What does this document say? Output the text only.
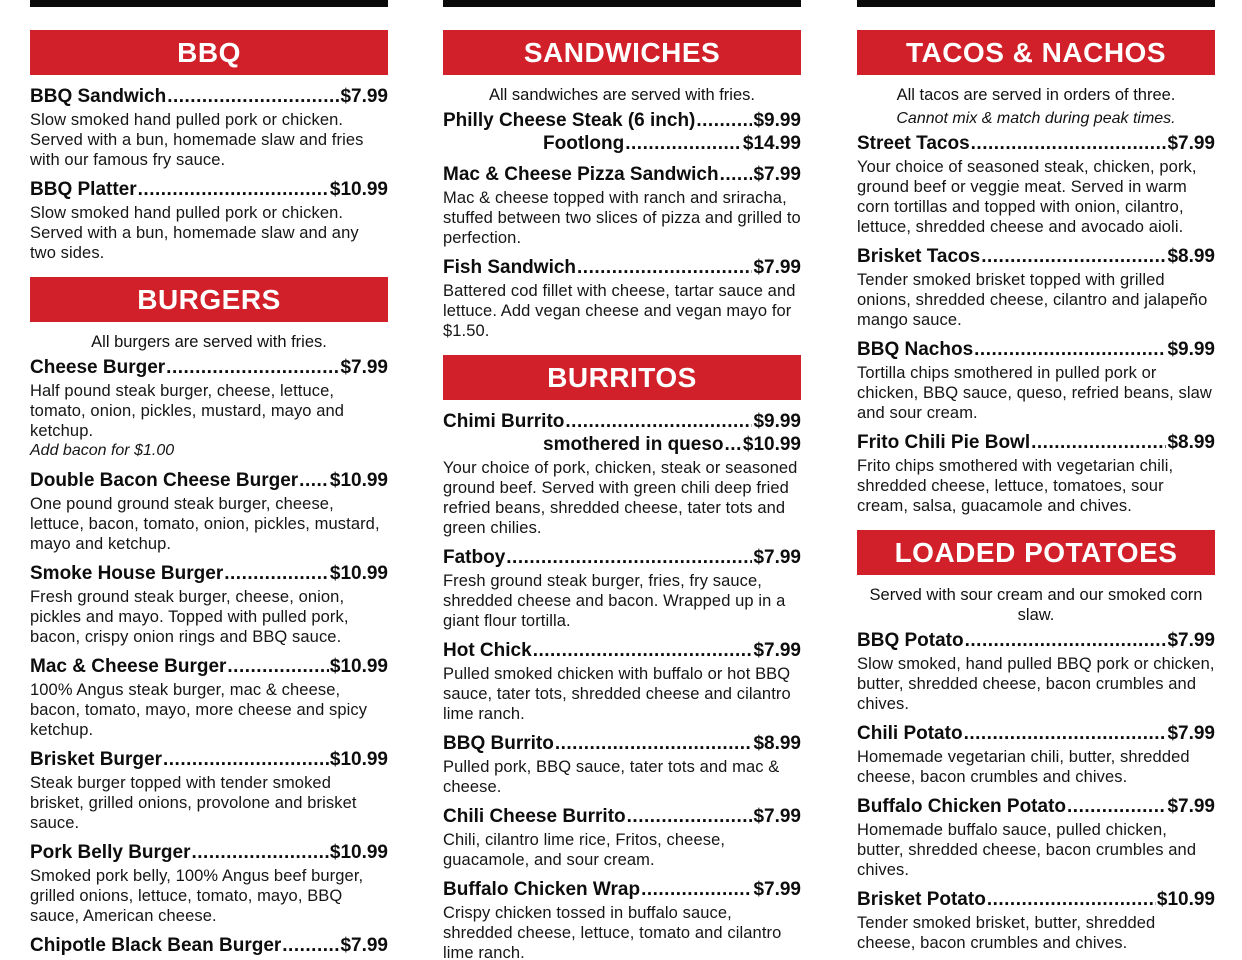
BBQ
BBQ Sandwich .....	$7.99
Slow smoked hand pulled pork or chicken. Served with a bun, homemade slaw and fries with our famous fry sauce.
BBQ Platter .....	$10.99
Slow smoked hand pulled pork or chicken. Served with a bun, homemade slaw and any two sides.
BURGERS
All burgers are served with fries.
Cheese Burger .....	$7.99
Half pound steak burger, cheese, lettuce, tomato, onion, pickles, mustard, mayo and ketchup.
Add bacon for $1.00
Double Bacon Cheese Burger ..... $10.99
One pound ground steak burger, cheese, lettuce, bacon, tomato, onion, pickles, mustard, mayo and ketchup.
Smoke House Burger .....	$10.99
Fresh ground steak burger, cheese, onion, pickles and mayo. Topped with pulled pork, bacon, crispy onion rings and BBQ sauce.
Mac & Cheese Burger .....	$10.99
100% Angus steak burger, mac & cheese, bacon, tomato, mayo, more cheese and spicy ketchup.
Brisket Burger .....	$10.99
Steak burger topped with tender smoked brisket, grilled onions, provolone and brisket sauce.
Pork Belly Burger .....	$10.99
Smoked pork belly, 100% Angus beef burger, grilled onions, lettuce, tomato, mayo, BBQ sauce, American cheese.
Chipotle Black Bean Burger .....	$7.99
SANDWICHES
All sandwiches are served with fries.
Philly Cheese Steak (6 inch) .....	$9.99
Footlong .....	$14.99
Mac & Cheese Pizza Sandwich ..... $7.99
Mac & cheese topped with ranch and sriracha, stuffed between two slices of pizza and grilled to perfection.
Fish Sandwich .....	$7.99
Battered cod fillet with cheese, tartar sauce and lettuce. Add vegan cheese and vegan mayo for $1.50.
BURRITOS
Chimi Burrito .....	$9.99
smothered in queso ..... $10.99
Your choice of pork, chicken, steak or seasoned ground beef. Served with green chili deep fried refried beans, shredded cheese, tater tots and green chilies.
Fatboy .....	$7.99
Fresh ground steak burger, fries, fry sauce, shredded cheese and bacon. Wrapped up in a giant flour tortilla.
Hot Chick .....	$7.99
Pulled smoked chicken with buffalo or hot BBQ sauce, tater tots, shredded cheese and cilantro lime ranch.
BBQ Burrito .....	$8.99
Pulled pork, BBQ sauce, tater tots and mac & cheese.
Chili Cheese Burrito .....	$7.99
Chili, cilantro lime rice, Fritos, cheese, guacamole, and sour cream.
Buffalo Chicken Wrap .....	$7.99
Crispy chicken tossed in buffalo sauce, shredded cheese, lettuce, tomato and cilantro lime ranch.
TACOS & NACHOS
All tacos are served in orders of three.
Cannot mix & match during peak times.
Street Tacos .....	$7.99
Your choice of seasoned steak, chicken, pork, ground beef or veggie meat. Served in warm corn tortillas and topped with onion, cilantro, lettuce, shredded cheese and avocado aioli.
Brisket Tacos .....	$8.99
Tender smoked brisket topped with grilled onions, shredded cheese, cilantro and jalapeño mango sauce.
BBQ Nachos .....	$9.99
Tortilla chips smothered in pulled pork or chicken, BBQ sauce, queso, refried beans, slaw and sour cream.
Frito Chili Pie Bowl .....	$8.99
Frito chips smothered with vegetarian chili, shredded cheese, lettuce, tomatoes, sour cream, salsa, guacamole and chives.
LOADED POTATOES
Served with sour cream and our smoked corn slaw.
BBQ Potato .....	$7.99
Slow smoked, hand pulled BBQ pork or chicken, butter, shredded cheese, bacon crumbles and chives.
Chili Potato .....	$7.99
Homemade vegetarian chili, butter, shredded cheese, bacon crumbles and chives.
Buffalo Chicken Potato .....	$7.99
Homemade buffalo sauce, pulled chicken, butter, shredded cheese, bacon crumbles and chives.
Brisket Potato .....	$10.99
Tender smoked brisket, butter, shredded cheese, bacon crumbles and chives.
